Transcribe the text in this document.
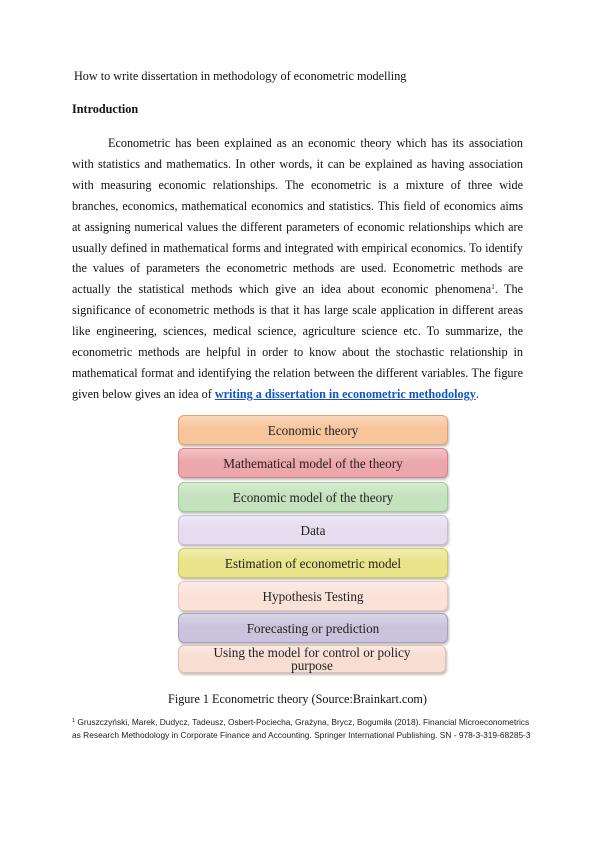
How to write dissertation in methodology of econometric modelling
Introduction

Econometric has been explained as an economic theory which has its association with statistics and mathematics. In other words, it can be explained as having association with measuring economic relationships. The econometric is a mixture of three wide branches, economics, mathematical economics and statistics. This field of economics aims at assigning numerical values the different parameters of economic relationships which are usually defined in mathematical forms and integrated with empirical economics. To identify the values of parameters the econometric methods are used. Econometric methods are actually the statistical methods which give an idea about economic phenomena$^1$. The significance of econometric methods is that it has large scale application in different areas like engineering, sciences, medical science, agriculture science etc. To summarize, the econometric methods are helpful in order to know about the stochastic relationship in mathematical format and identifying the relation between the different variables. The figure given below gives an idea of writing a dissertation in econometric methodology.

Economic theory
Mathematical model of the theory
Economic model of the theory
Data
Estimation of econometric model
Hypothesis Testing
Forecasting or prediction
Using the model for control or policy purpose
Figure 1 Econometric theory (Source:Brainkart.com)
$^1$ Gruszczyński, Marek, Dudycz, Tadeusz, Osbert-Pociecha, Grażyna, Brycz, Bogumiła (2018). Financial Microeconometrics as Research Methodology in Corporate Finance and Accounting. Springer International Publishing. SN - 978-3-319-68285-3
